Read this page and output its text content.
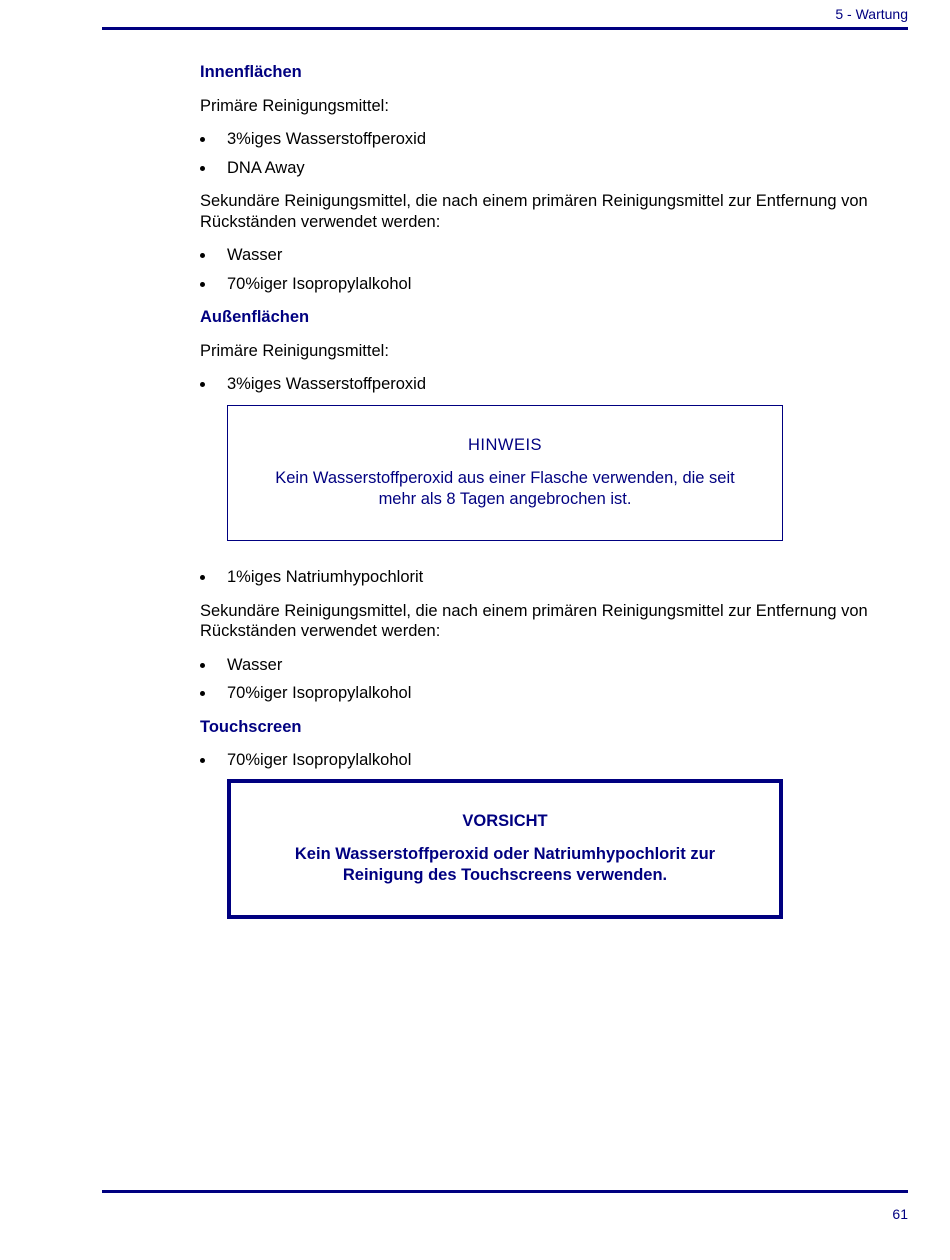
5 - Wartung
Innenflächen

Primäre Reinigungsmittel:

3%iges Wasserstoffperoxid
DNA Away

Sekundäre Reinigungsmittel, die nach einem primären Reinigungsmittel zur Entfernung von Rückständen verwendet werden:

Wasser
70%iger Isopropylalkohol
Außenflächen

Primäre Reinigungsmittel:

3%iges Wasserstoffperoxid

HINWEIS

Kein Wasserstoffperoxid aus einer Flasche verwenden, die seit mehr als 8 Tagen angebrochen ist.

1%iges Natriumhypochlorit

Sekundäre Reinigungsmittel, die nach einem primären Reinigungsmittel zur Entfernung von Rückständen verwendet werden:

Wasser
70%iger Isopropylalkohol
Touchscreen
70%iger Isopropylalkohol

VORSICHT

Kein Wasserstoffperoxid oder Natriumhypochlorit zur Reinigung des Touchscreens verwenden.

61
